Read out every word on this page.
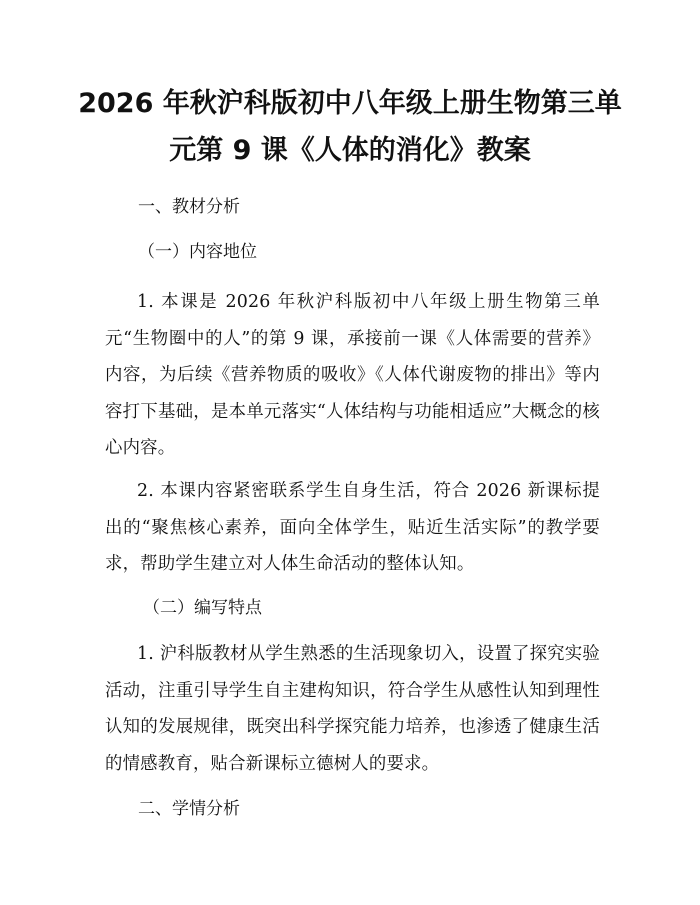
2026 年秋沪科版初中八年级上册生物第三单
元第 9 课《人体的消化》教案
一、教材分析
（一）内容地位
1. 本课是 2026 年秋沪科版初中八年级上册生物第三单元“生物圈中的人”的第 9 课，承接前一课《人体需要的营养》内容，为后续《营养物质的吸收》《人体代谢废物的排出》等内容打下基础，是本单元落实“人体结构与功能相适应”大概念的核心内容。
2. 本课内容紧密联系学生自身生活，符合 2026 新课标提出的“聚焦核心素养，面向全体学生，贴近生活实际”的教学要求，帮助学生建立对人体生命活动的整体认知。
（二）编写特点
1. 沪科版教材从学生熟悉的生活现象切入，设置了探究实验活动，注重引导学生自主建构知识，符合学生从感性认知到理性认知的发展规律，既突出科学探究能力培养，也渗透了健康生活的情感教育，贴合新课标立德树人的要求。
二、学情分析
